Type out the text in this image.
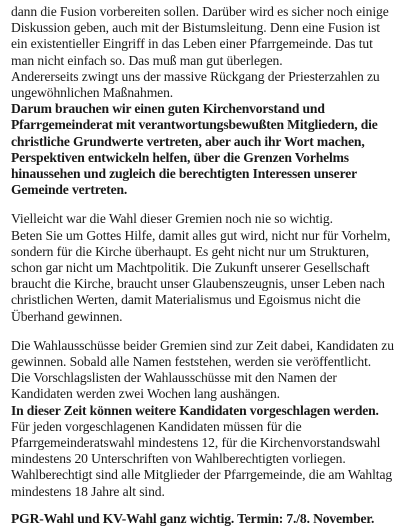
dann die Fusion vorbereiten sollen. Darüber wird es sicher noch einige
Diskussion geben, auch mit der Bistumsleitung. Denn eine Fusion ist
ein existentieller Eingriff in das Leben einer Pfarrgemeinde. Das tut
man nicht einfach so. Das muß man gut überlegen.
Andererseits zwingt uns der massive Rückgang der Priesterzahlen zu
ungewöhnlichen Maßnahmen.
Darum brauchen wir einen guten Kirchenvorstand und
Pfarrgemeinderat mit verantwortungsbewußten Mitgliedern, die
christliche Grundwerte vertreten, aber auch ihr Wort machen,
Perspektiven entwickeln helfen, über die Grenzen Vorhelms
hinaussehen und zugleich die berechtigten Interessen unserer
Gemeinde vertreten.
Vielleicht war die Wahl dieser Gremien noch nie so wichtig.
Beten Sie um Gottes Hilfe, damit alles gut wird, nicht nur für Vorhelm,
sondern für die Kirche überhaupt. Es geht nicht nur um Strukturen,
schon gar nicht um Machtpolitik. Die Zukunft unserer Gesellschaft
braucht die Kirche, braucht unser Glaubenszeugnis, unser Leben nach
christlichen Werten, damit Materialismus und Egoismus nicht die
Überhand gewinnen.
Die Wahlausschüsse beider Gremien sind zur Zeit dabei, Kandidaten zu
gewinnen. Sobald alle Namen feststehen, werden sie veröffentlicht.
Die Vorschlagslisten der Wahlausschüsse mit den Namen der
Kandidaten werden zwei Wochen lang aushängen.
In dieser Zeit können weitere Kandidaten vorgeschlagen werden.
Für jeden vorgeschlagenen Kandidaten müssen für die
Pfarrgemeinderatswahl mindestens 12, für die Kirchenvorstandswahl
mindestens 20 Unterschriften von Wahlberechtigten vorliegen.
Wahlberechtigt sind alle Mitglieder der Pfarrgemeinde, die am Wahltag
mindestens 18 Jahre alt sind.
PGR-Wahl und KV-Wahl ganz wichtig. Termin: 7./8. November.
